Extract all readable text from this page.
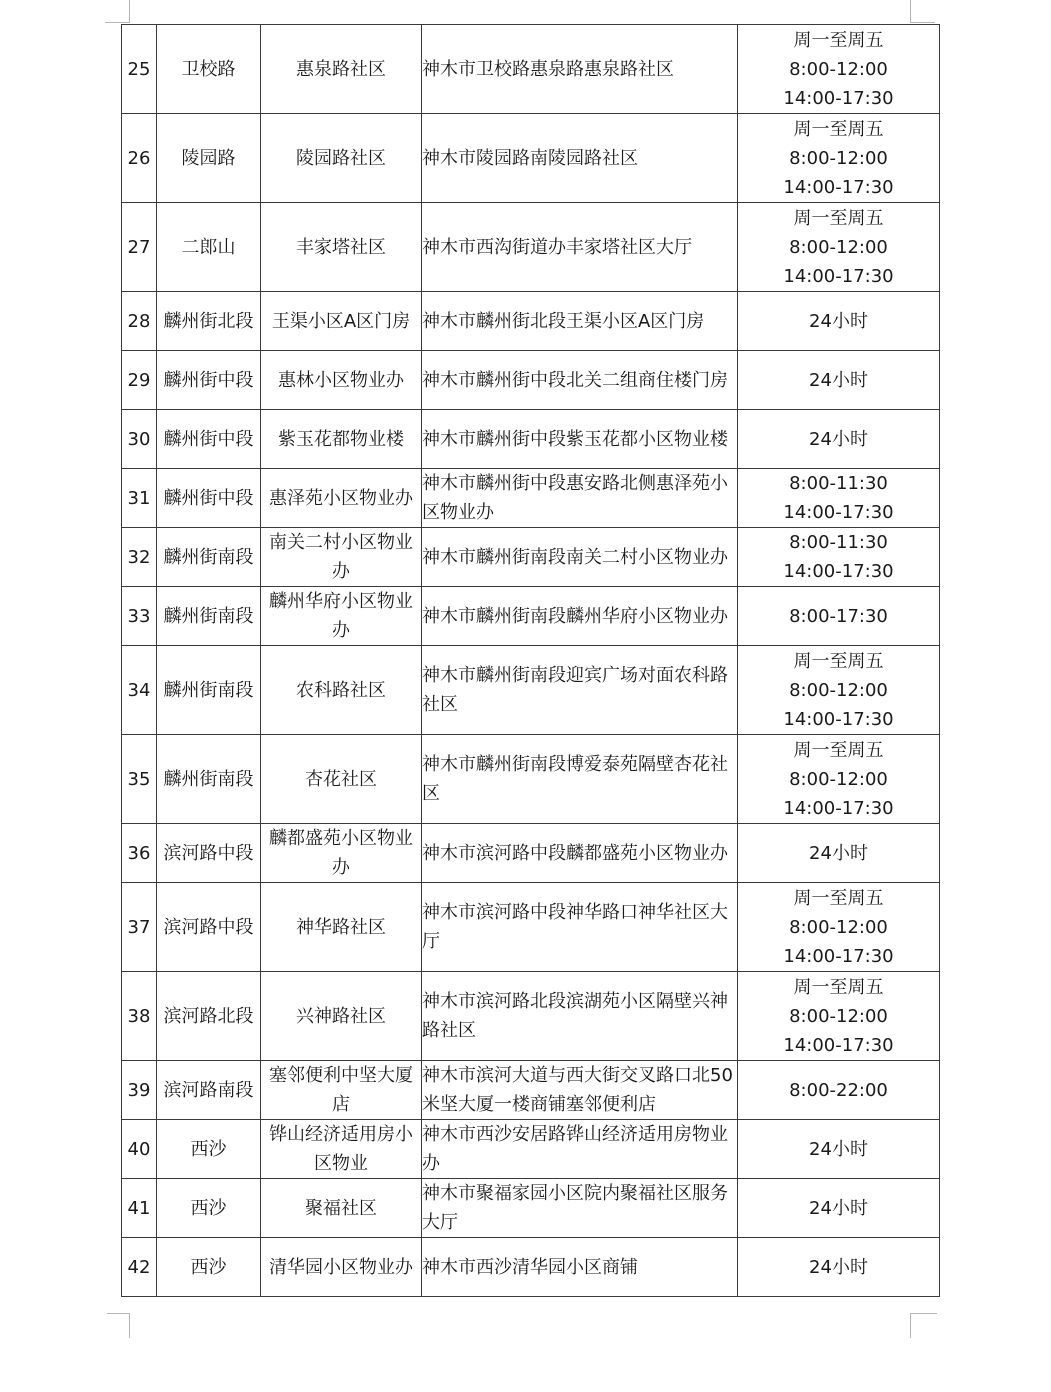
25	卫校路	惠泉路社区	神木市卫校路惠泉路惠泉路社区	周一至周五
8:00-12:00
14:00-17:30

26	陵园路	陵园路社区	神木市陵园路南陵园路社区	周一至周五
8:00-12:00
14:00-17:30

27	二郎山	丰家塔社区	神木市西沟街道办丰家塔社区大厅	周一至周五
8:00-12:00
14:00-17:30

28	麟州街北段	王渠小区A区门房	神木市麟州街北段王渠小区A区门房	24小时

29	麟州街中段	惠林小区物业办	神木市麟州街中段北关二组商住楼门房	24小时

30	麟州街中段	紫玉花都物业楼	神木市麟州街中段紫玉花都小区物业楼	24小时

31	麟州街中段	惠泽苑小区物业办	神木市麟州街中段惠安路北侧惠泽苑小区物业办	8:00-11:30
14:00-17:30

32	麟州街南段	南关二村小区物业办	神木市麟州街南段南关二村小区物业办	8:00-11:30
14:00-17:30

33	麟州街南段	麟州华府小区物业办	神木市麟州街南段麟州华府小区物业办	8:00-17:30

34	麟州街南段	农科路社区	神木市麟州街南段迎宾广场对面农科路社区	周一至周五
8:00-12:00
14:00-17:30

35	麟州街南段	杏花社区	神木市麟州街南段博爱泰苑隔壁杏花社区	周一至周五
8:00-12:00
14:00-17:30

36	滨河路中段	麟都盛苑小区物业办	神木市滨河路中段麟都盛苑小区物业办	24小时

37	滨河路中段	神华路社区	神木市滨河路中段神华路口神华社区大厅	周一至周五
8:00-12:00
14:00-17:30

38	滨河路北段	兴神路社区	神木市滨河路北段滨湖苑小区隔壁兴神路社区	周一至周五
8:00-12:00
14:00-17:30

39	滨河路南段	塞邻便利中坚大厦店	神木市滨河大道与西大街交叉路口北50米坚大厦一楼商铺塞邻便利店	8:00-22:00

40	西沙	铧山经济适用房小区物业	神木市西沙安居路铧山经济适用房物业办	24小时

41	西沙	聚福社区	神木市聚福家园小区院内聚福社区服务大厅	24小时

42	西沙	清华园小区物业办	神木市西沙清华园小区商铺	24小时
